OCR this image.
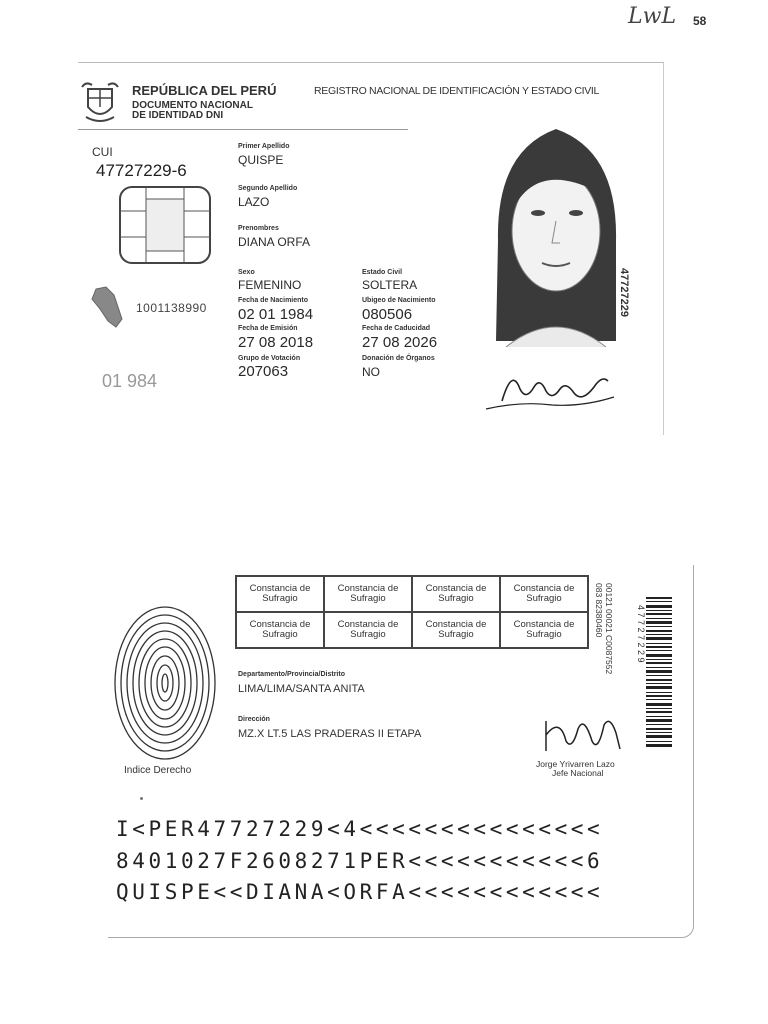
LwL 58
REPÚBLICA DEL PERÚ
DOCUMENTO NACIONAL
DE IDENTIDAD DNI
REGISTRO NACIONAL DE IDENTIFICACIÓN Y ESTADO CIVIL
CUI
47727229-6
1001138990
01 984
Primer Apellido
QUISPE
Segundo Apellido
LAZO
Prenombres
DIANA ORFA
Sexo
FEMENINO
Estado Civil
SOLTERA
Fecha de Nacimiento
02 01 1984
Ubigeo de Nacimiento
080506
Fecha de Emisión
27 08 2018
Fecha de Caducidad
27 08 2026
Grupo de Votación
207063
Donación de Órganos
NO
47727229
Constancia de Sufragio
Constancia de Sufragio
Constancia de Sufragio
Constancia de Sufragio
Constancia de Sufragio
Constancia de Sufragio
Constancia de Sufragio
Constancia de Sufragio
Indice Derecho
Departamento/Provincia/Distrito
LIMA/LIMA/SANTA ANITA
Dirección
MZ.X LT.5 LAS PRADERAS II ETAPA
Jorge Yrivarren Lazo
Jefe Nacional
00121 00021 C0087552
083 82380460	4 7 7 2 7 2 2 9
I<PER47727229<4<<<<<<<<<<<<<<<
8401027F2608271PER<<<<<<<<<<<6
QUISPE<<DIANA<ORFA<<<<<<<<<<<<
